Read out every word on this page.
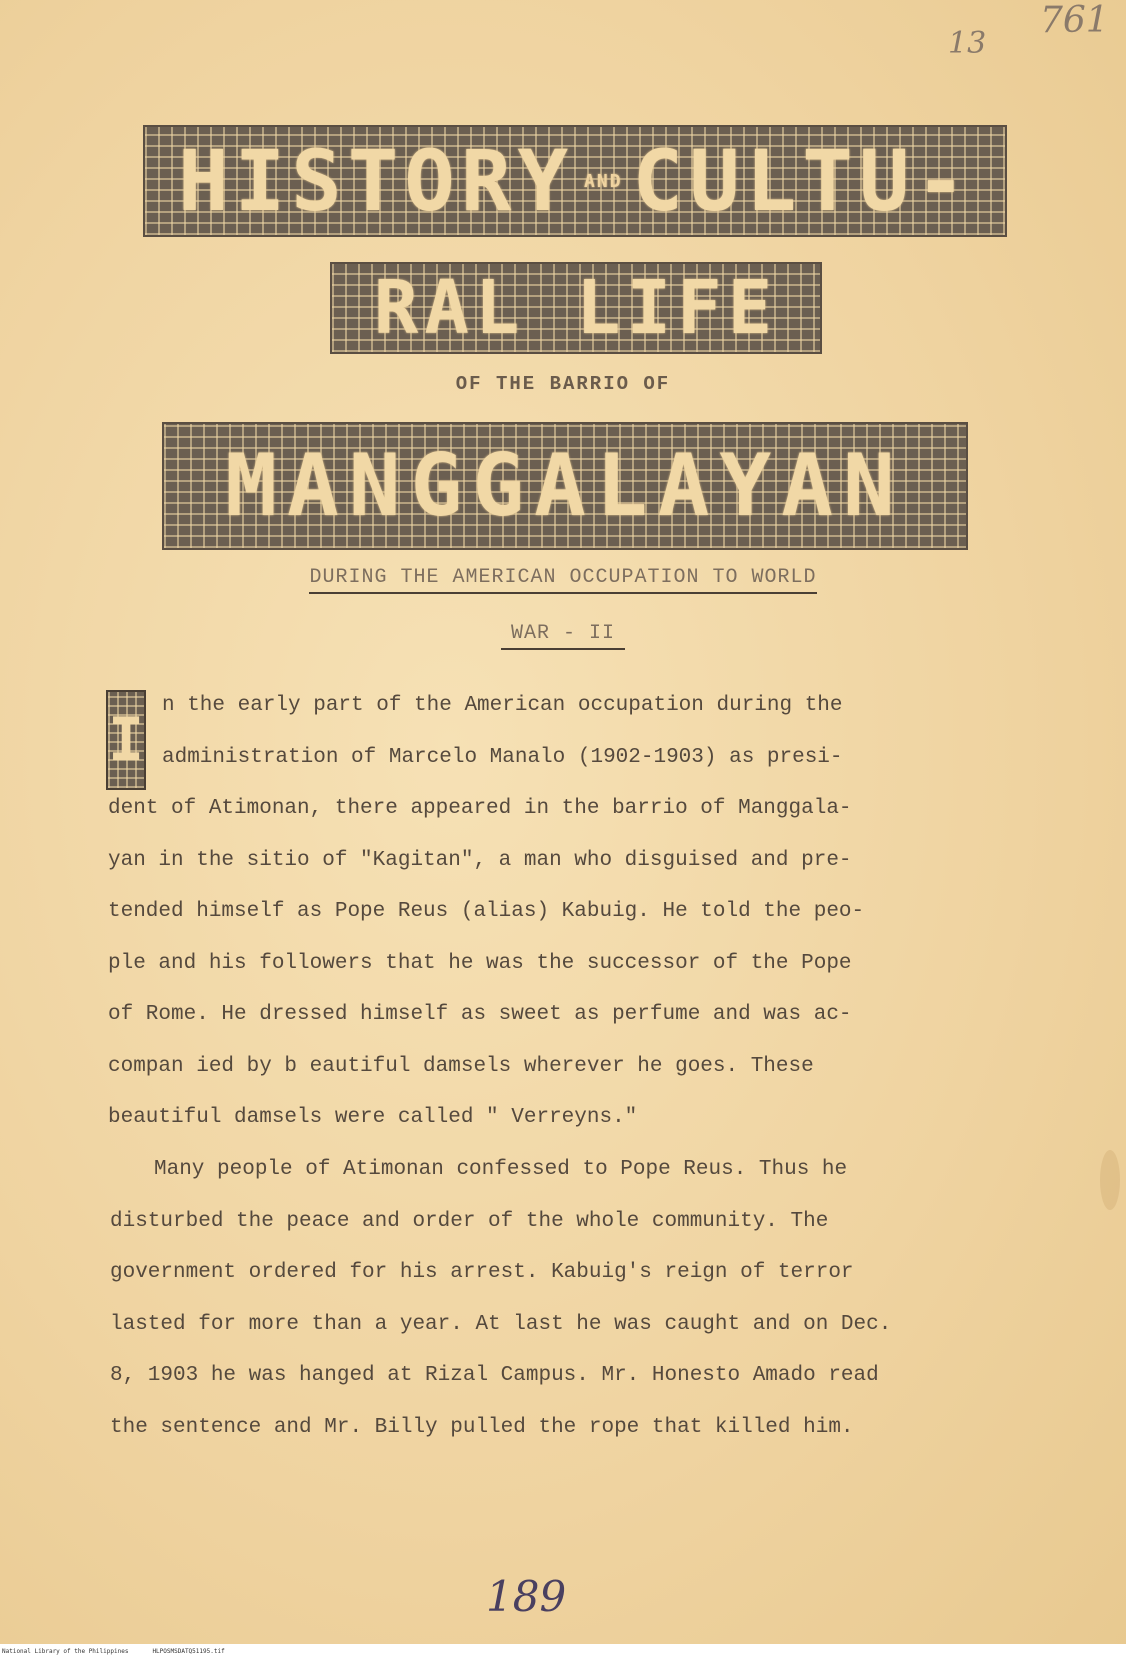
761
13
HISTORY AND CULTU-
RAL LIFE

OF THE BARRIO OF

MANGGALAYAN

DURING THE AMERICAN OCCUPATION TO WORLD

WAR - II

I n the early part of the American occupation during the
administration of Marcelo Manalo (1902-1903) as presi-
dent of Atimonan, there appeared in the barrio of Manggala-
yan in the sitio of "Kagitan", a man who disguised and pre-
tended himself as Pope Reus (alias) Kabuig. He told the peo-
ple and his followers that he was the successor of the Pope
of Rome. He dressed himself as sweet as perfume and was ac-
compan ied by b eautiful damsels wherever he goes. These
beautiful damsels were called " Verreyns."
Many people of Atimonan confessed to Pope Reus. Thus he
disturbed the peace and order of the whole community. The
government ordered for his arrest. Kabuig's reign of terror
lasted for more than a year. At last he was caught and on Dec.
8, 1903 he was hanged at Rizal Campus. Mr. Honesto Amado read
the sentence and Mr. Billy pulled the rope that killed him.

189

National Library of the Philippines	HLPOSMSDATQ51195.tif
